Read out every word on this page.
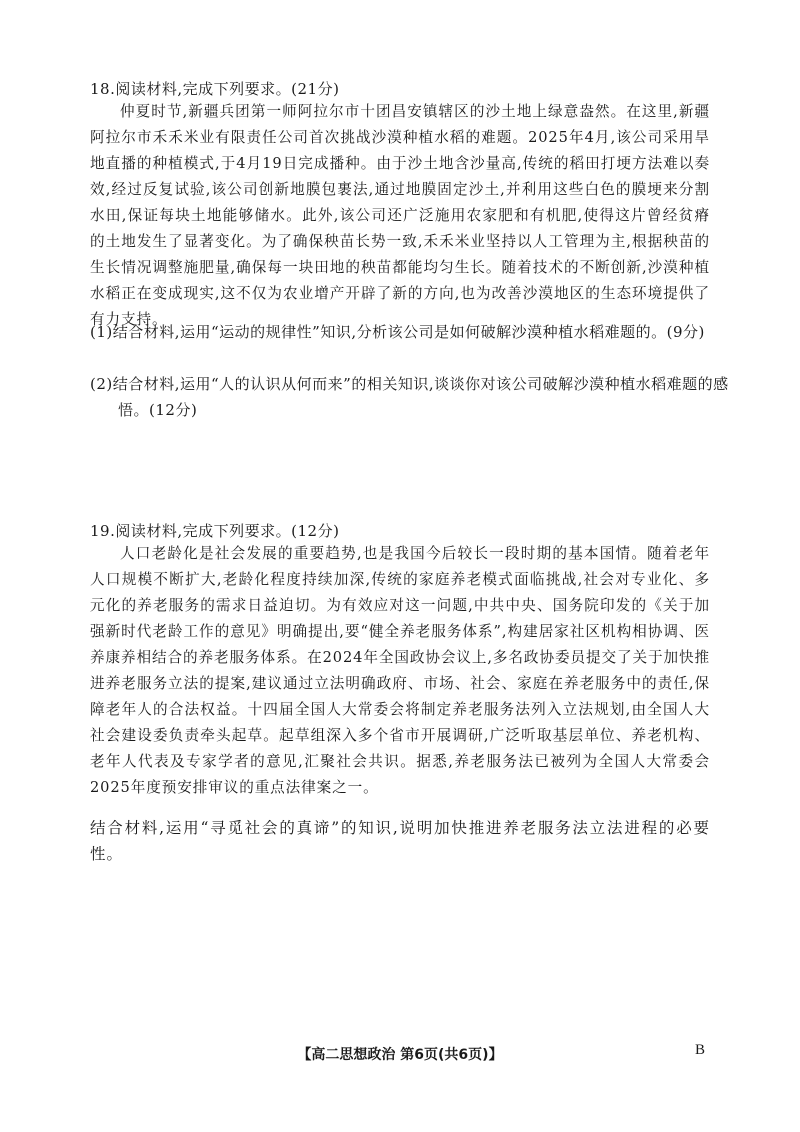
18.阅读材料,完成下列要求。(21分)
仲夏时节,新疆兵团第一师阿拉尔市十团昌安镇辖区的沙土地上绿意盎然。在这里,新疆阿拉尔市禾禾米业有限责任公司首次挑战沙漠种植水稻的难题。2025年4月,该公司采用旱地直播的种植模式,于4月19日完成播种。由于沙土地含沙量高,传统的稻田打埂方法难以奏效,经过反复试验,该公司创新地膜包裹法,通过地膜固定沙土,并利用这些白色的膜埂来分割水田,保证每块土地能够储水。此外,该公司还广泛施用农家肥和有机肥,使得这片曾经贫瘠的土地发生了显著变化。为了确保秧苗长势一致,禾禾米业坚持以人工管理为主,根据秧苗的生长情况调整施肥量,确保每一块田地的秧苗都能均匀生长。随着技术的不断创新,沙漠种植水稻正在变成现实,这不仅为农业增产开辟了新的方向,也为改善沙漠地区的生态环境提供了有力支持。
(1)结合材料,运用“运动的规律性”知识,分析该公司是如何破解沙漠种植水稻难题的。(9分)
(2)结合材料,运用“人的认识从何而来”的相关知识,谈谈你对该公司破解沙漠种植水稻难题的感悟。(12分)
19.阅读材料,完成下列要求。(12分)
人口老龄化是社会发展的重要趋势,也是我国今后较长一段时期的基本国情。随着老年人口规模不断扩大,老龄化程度持续加深,传统的家庭养老模式面临挑战,社会对专业化、多元化的养老服务的需求日益迫切。为有效应对这一问题,中共中央、国务院印发的《关于加强新时代老龄工作的意见》明确提出,要“健全养老服务体系”,构建居家社区机构相协调、医养康养相结合的养老服务体系。在2024年全国政协会议上,多名政协委员提交了关于加快推进养老服务立法的提案,建议通过立法明确政府、市场、社会、家庭在养老服务中的责任,保障老年人的合法权益。十四届全国人大常委会将制定养老服务法列入立法规划,由全国人大社会建设委负责牵头起草。起草组深入多个省市开展调研,广泛听取基层单位、养老机构、老年人代表及专家学者的意见,汇聚社会共识。据悉,养老服务法已被列为全国人大常委会2025年度预安排审议的重点法律案之一。
结合材料,运用“寻觅社会的真谛”的知识,说明加快推进养老服务法立法进程的必要性。
【高二思想政治 第6页(共6页)】	B
